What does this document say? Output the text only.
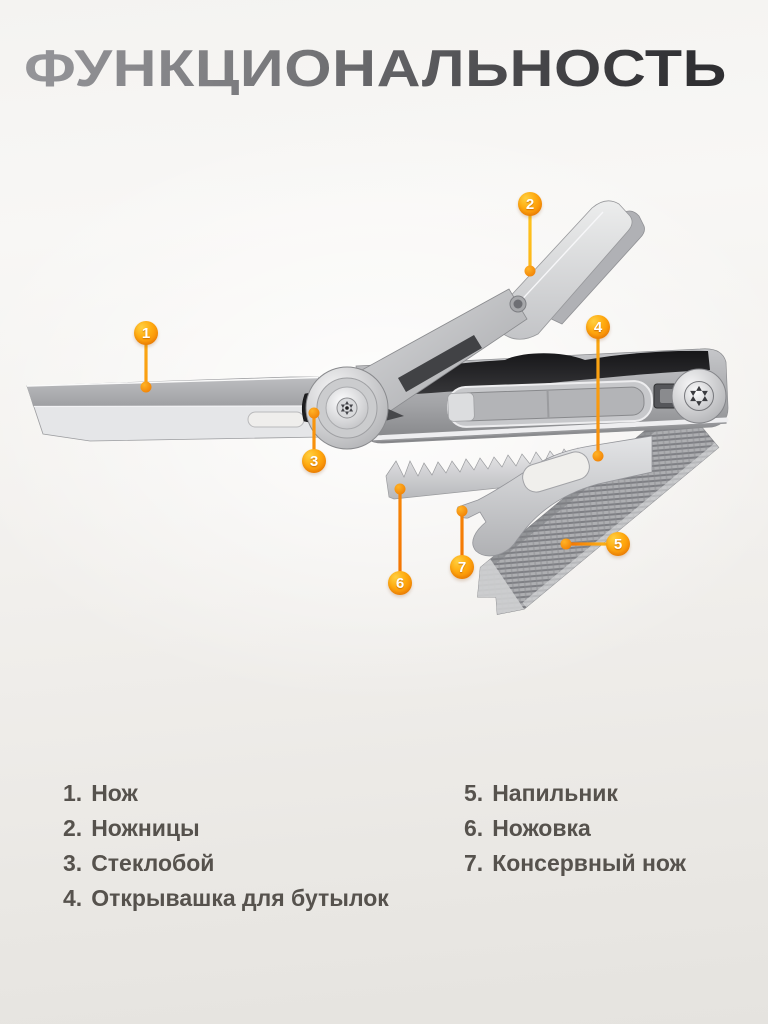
ФУНКЦИОНАЛЬНОСТЬ
1
2
3
4
5
6
7
1. Нож
2. Ножницы
3. Стеклобой
4. Открывашка для бутылок
5. Напильник
6. Ножовка
7. Консервный нож
